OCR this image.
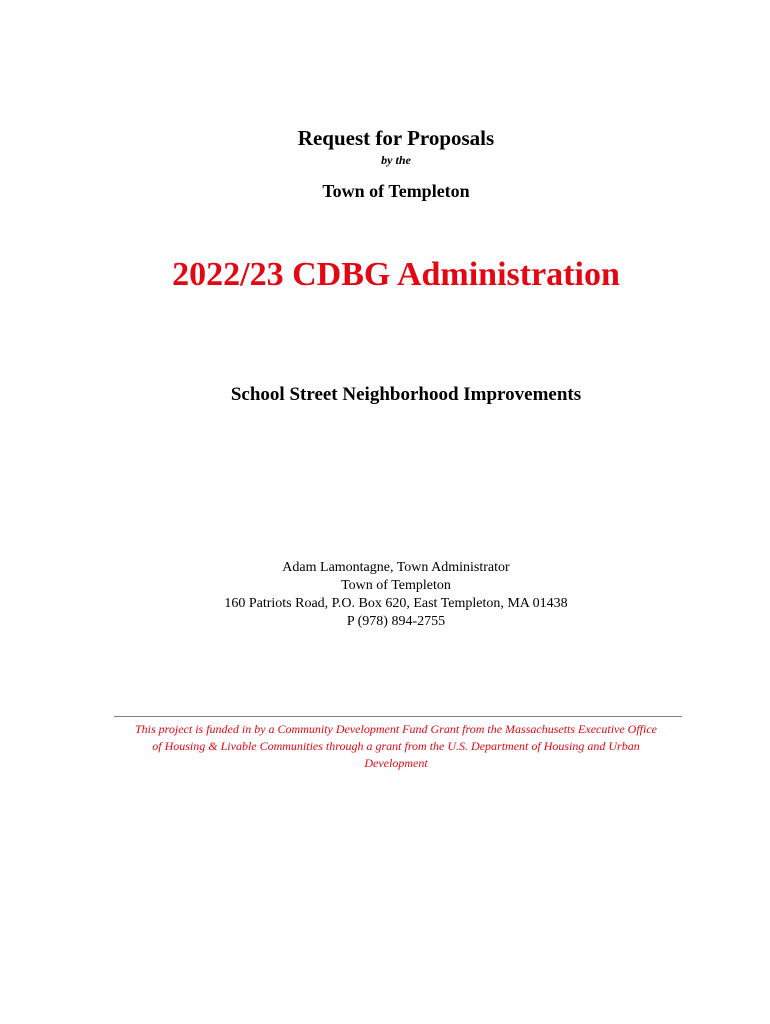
Request for Proposals
by the
Town of Templeton
2022/23 CDBG Administration
School Street Neighborhood Improvements
Adam Lamontagne, Town Administrator
Town of Templeton
160 Patriots Road, P.O. Box 620, East Templeton, MA 01438
P (978) 894-2755
This project is funded in by a Community Development Fund Grant from the Massachusetts Executive Office
of Housing & Livable Communities through a grant from the U.S. Department of Housing and Urban
Development
